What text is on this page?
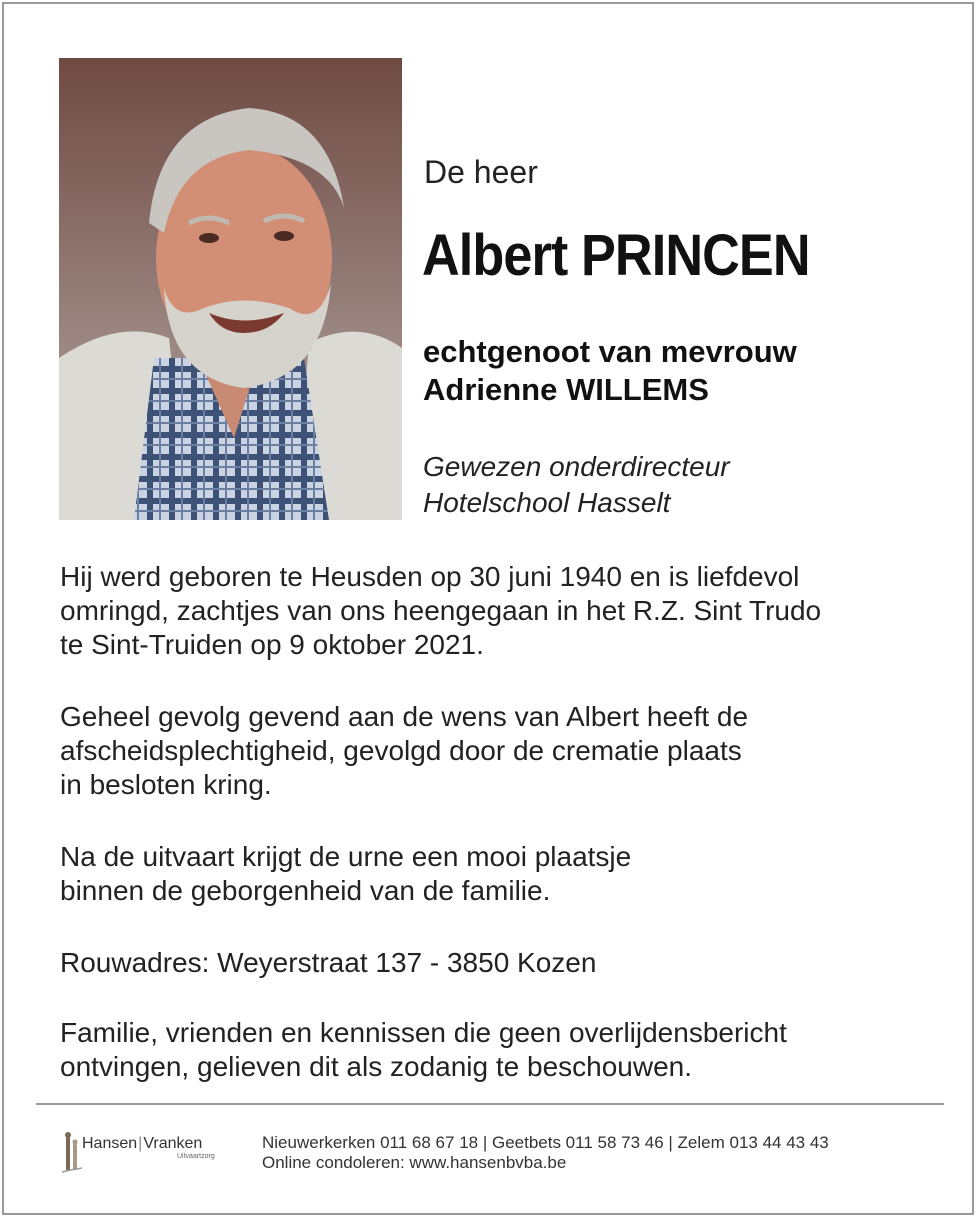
De heer
Albert PRINCEN
echtgenoot van mevrouw
Adrienne WILLEMS
Gewezen onderdirecteur
Hotelschool Hasselt

Hij werd geboren te Heusden op 30 juni 1940 en is liefdevol
omringd, zachtjes van ons heengegaan in het R.Z. Sint Trudo
te Sint-Truiden op 9 oktober 2021.

Geheel gevolg gevend aan de wens van Albert heeft de
afscheidsplechtigheid, gevolgd door de crematie plaats
in besloten kring.

Na de uitvaart krijgt de urne een mooi plaatsje
binnen de geborgenheid van de familie.

Rouwadres: Weyerstraat 137 - 3850 Kozen

Familie, vrienden en kennissen die geen overlijdensbericht
ontvingen, gelieven dit als zodanig te beschouwen.

Hansen|Vranken
Uitvaartzorg
Nieuwerkerken 011 68 67 18 | Geetbets 011 58 73 46 | Zelem 013 44 43 43
Online condoleren: www.hansenbvba.be
